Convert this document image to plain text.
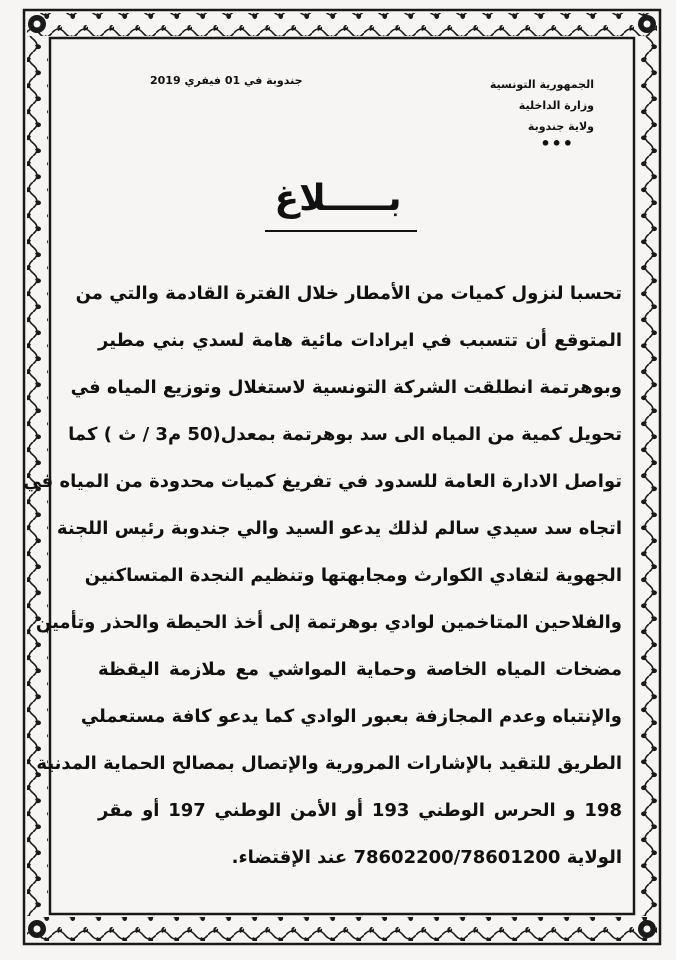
جندوبة في 01 فيفري 2019	الجمهورية التونسية
وزارة الداخلية
ولاية جندوبة
•••
بـــــلاغ
تحسبا لنزول كميات من الأمطار خلال الفترة القادمة والتي من
المتوقع أن تتسبب في ايرادات مائية هامة لسدي بني مطير
وبوهرتمة انطلقت الشركة التونسية لاستغلال وتوزيع المياه في
تحويل كمية من المياه الى سد بوهرتمة بمعدل(50 م3 / ث ) كما
تواصل الادارة العامة للسدود في تفريغ كميات محدودة من المياه في
اتجاه سد سيدي سالم لذلك يدعو السيد والي جندوبة رئيس اللجنة
الجهوية لتفادي الكوارث ومجابهتها وتنظيم النجدة المتساكنين
والفلاحين المتاخمين لوادي بوهرتمة إلى أخذ الحيطة والحذر وتأمين
مضخات المياه الخاصة وحماية المواشي مع ملازمة اليقظة
والإنتباه وعدم المجازفة بعبور الوادي كما يدعو كافة مستعملي
الطريق للتقيد بالإشارات المرورية والإتصال بمصالح الحماية المدنية
198 و الحرس الوطني 193 أو الأمن الوطني 197 أو مقر
الولاية 78602200/78601200 عند الإقتضاء.
